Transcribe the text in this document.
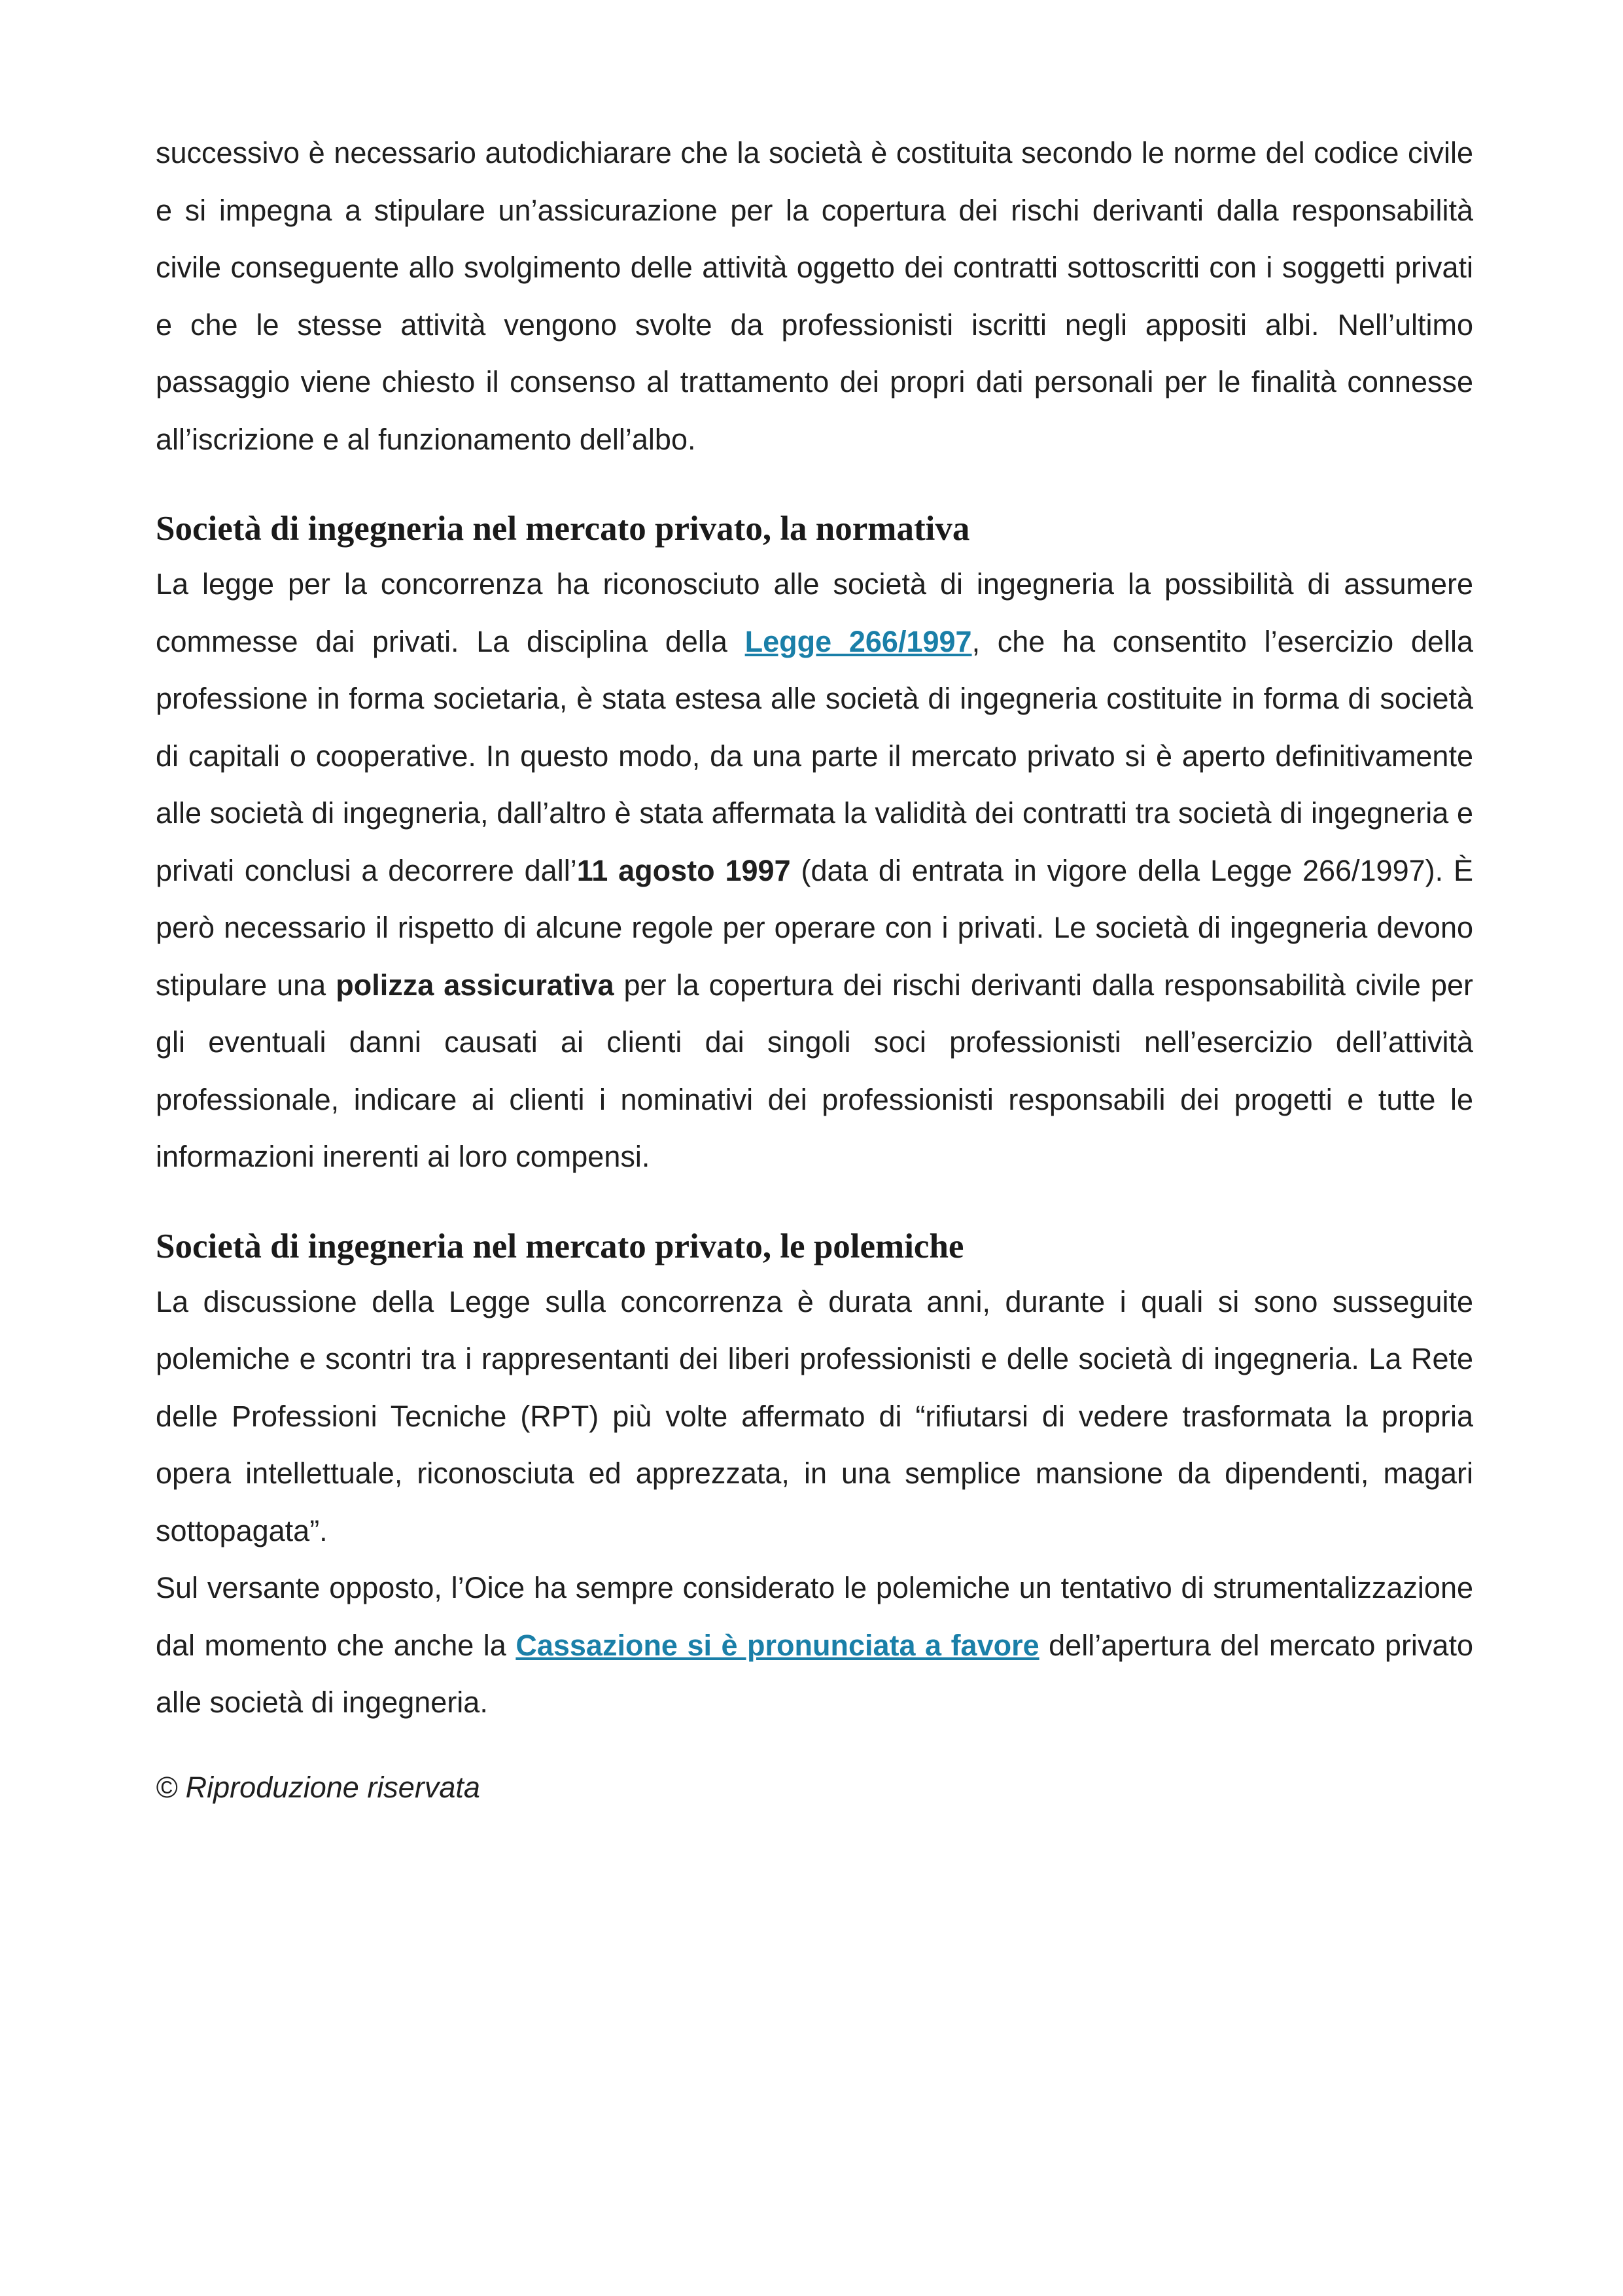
successivo è necessario autodichiarare che la società è costituita secondo le norme del codice civile e si impegna a stipulare un’assicurazione per la copertura dei rischi derivanti dalla responsabilità civile conseguente allo svolgimento delle attività oggetto dei contratti sottoscritti con i soggetti privati e che le stesse attività vengono svolte da professionisti iscritti negli appositi albi. Nell’ultimo passaggio viene chiesto il consenso al trattamento dei propri dati personali per le finalità connesse all’iscrizione e al funzionamento dell’albo.

Società di ingegneria nel mercato privato, la normativa

La legge per la concorrenza ha riconosciuto alle società di ingegneria la possibilità di assumere commesse dai privati. La disciplina della Legge 266/1997, che ha consentito l’esercizio della professione in forma societaria, è stata estesa alle società di ingegneria costituite in forma di società di capitali o cooperative. In questo modo, da una parte il mercato privato si è aperto definitivamente alle società di ingegneria, dall’altro è stata affermata la validità dei contratti tra società di ingegneria e privati conclusi a decorrere dall’11 agosto 1997 (data di entrata in vigore della Legge 266/1997). È però necessario il rispetto di alcune regole per operare con i privati. Le società di ingegneria devono stipulare una polizza assicurativa per la copertura dei rischi derivanti dalla responsabilità civile per gli eventuali danni causati ai clienti dai singoli soci professionisti nell’esercizio dell’attività professionale, indicare ai clienti i nominativi dei professionisti responsabili dei progetti e tutte le informazioni inerenti ai loro compensi.

Società di ingegneria nel mercato privato, le polemiche

La discussione della Legge sulla concorrenza è durata anni, durante i quali si sono susseguite polemiche e scontri tra i rappresentanti dei liberi professionisti e delle società di ingegneria. La Rete delle Professioni Tecniche (RPT) più volte affermato di “rifiutarsi di vedere trasformata la propria opera intellettuale, riconosciuta ed apprezzata, in una semplice mansione da dipendenti, magari sottopagata”.

Sul versante opposto, l’Oice ha sempre considerato le polemiche un tentativo di strumentalizzazione dal momento che anche la Cassazione si è pronunciata a favore dell’apertura del mercato privato alle società di ingegneria.

© Riproduzione riservata
